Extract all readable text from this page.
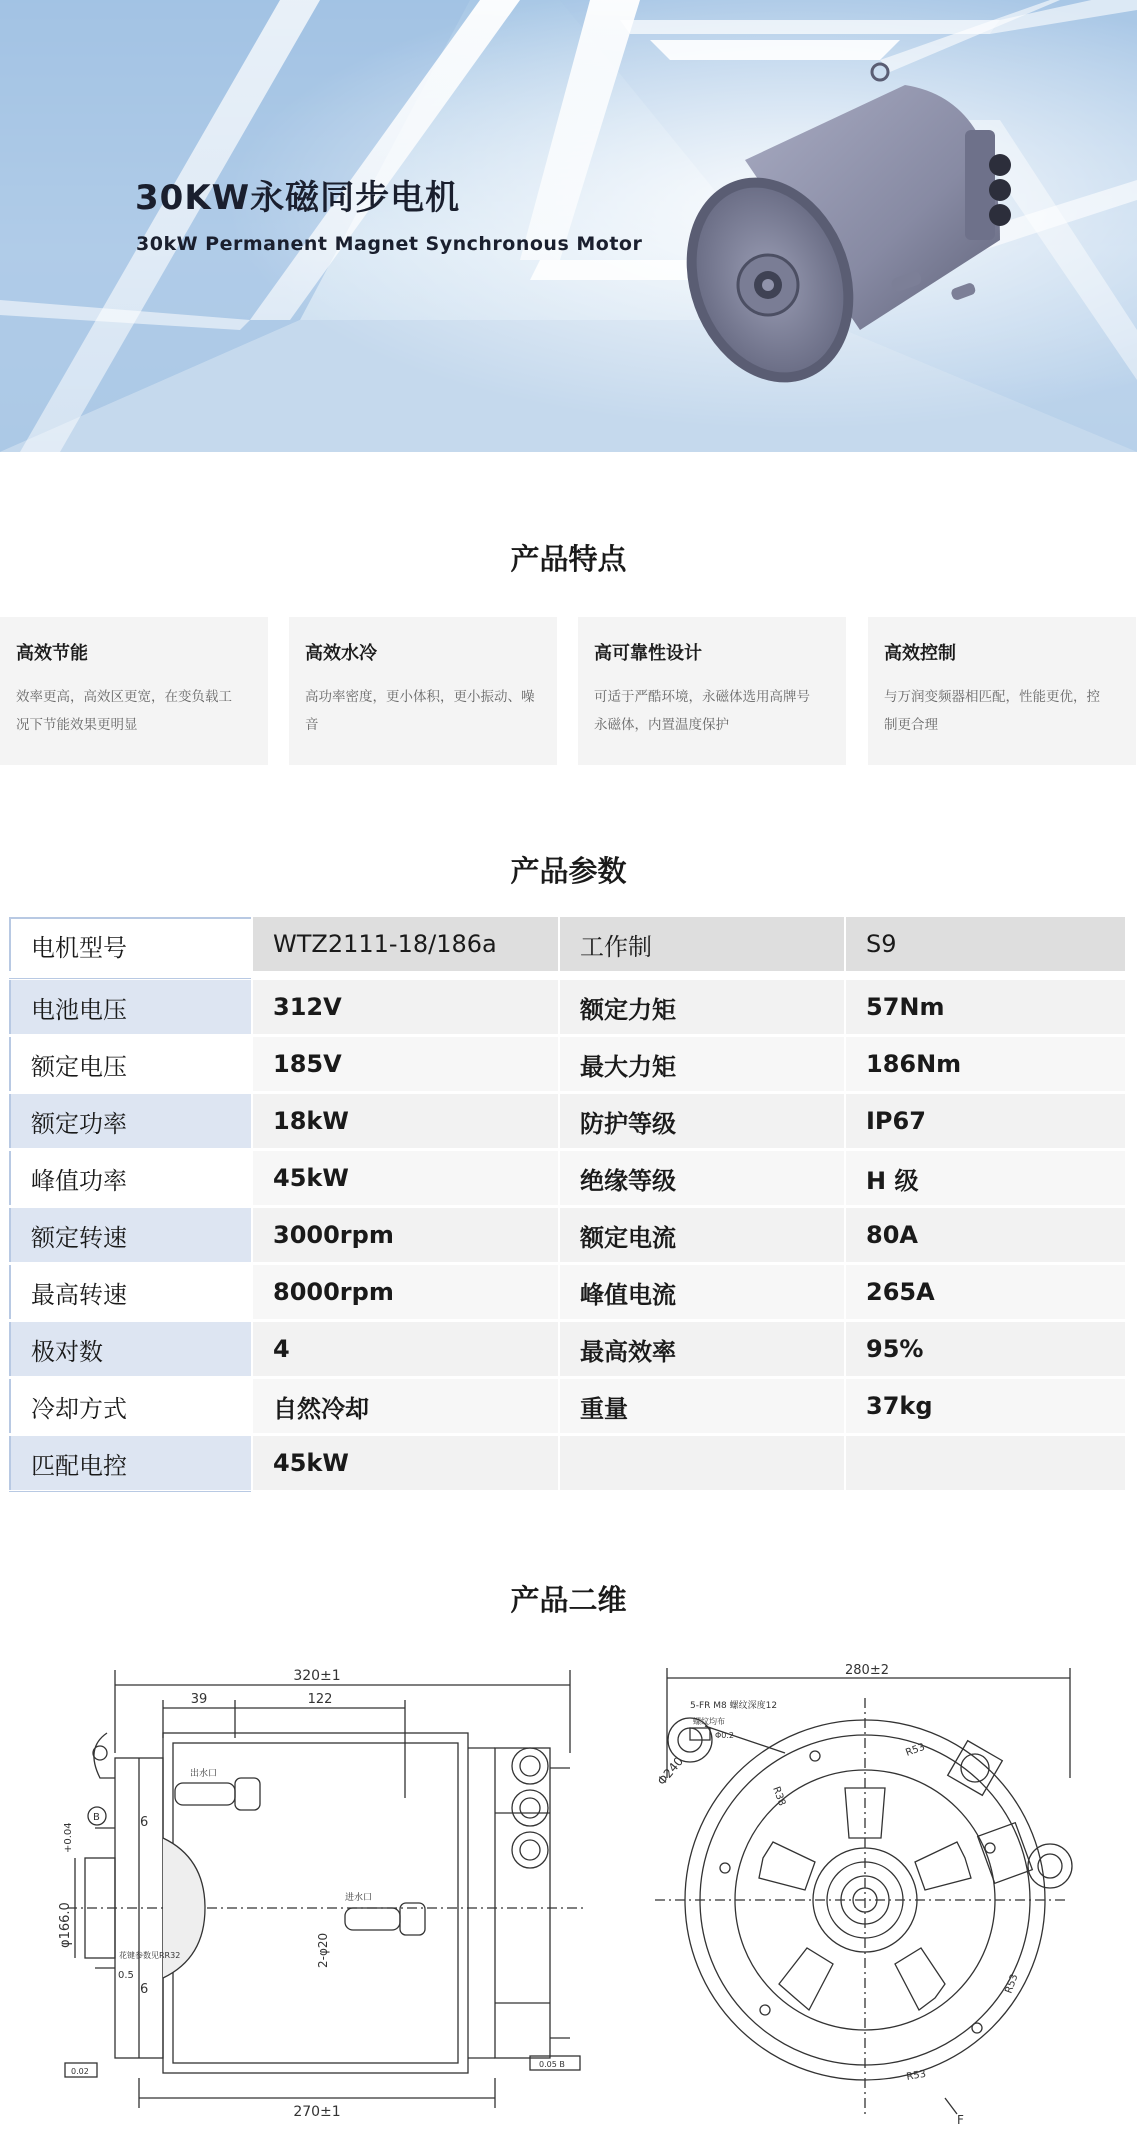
30KW永磁同步电机
30kW Permanent Magnet Synchronous Motor
产品特点
高效节能
效率更高，高效区更宽，在变负载工
况下节能效果更明显
高效水冷
高功率密度，更小体积，更小振动、噪
音
高可靠性设计
可适于严酷环境，永磁体选用高牌号
永磁体，内置温度保护
高效控制
与万润变频器相匹配，性能更优，控
制更合理
产品参数
电机型号	WTZ2111-18/186a	工作制	S9
电池电压	312V	额定力矩	57Nm
额定电压	185V	最大力矩	186Nm
额定功率	18kW	防护等级	IP67
峰值功率	45kW	绝缘等级	H 级
额定转速	3000rpm	额定电流	80A
最高转速	8000rpm	峰值电流	265A
极对数	4	最高效率	95%
冷却方式	自然冷却	重量	37kg
匹配电控	45kW
产品二维
320±1
39	122
6
6
φ166.0
+0.04
2-φ20
0.5
270±1
出水口
进水口
B
花键参数见RR32
0.02
0.05 B
280±2
Φ240
5-FR M8 螺纹深度12
Φ0.2
螺纹均布
F
R53
R53
R53
R38
